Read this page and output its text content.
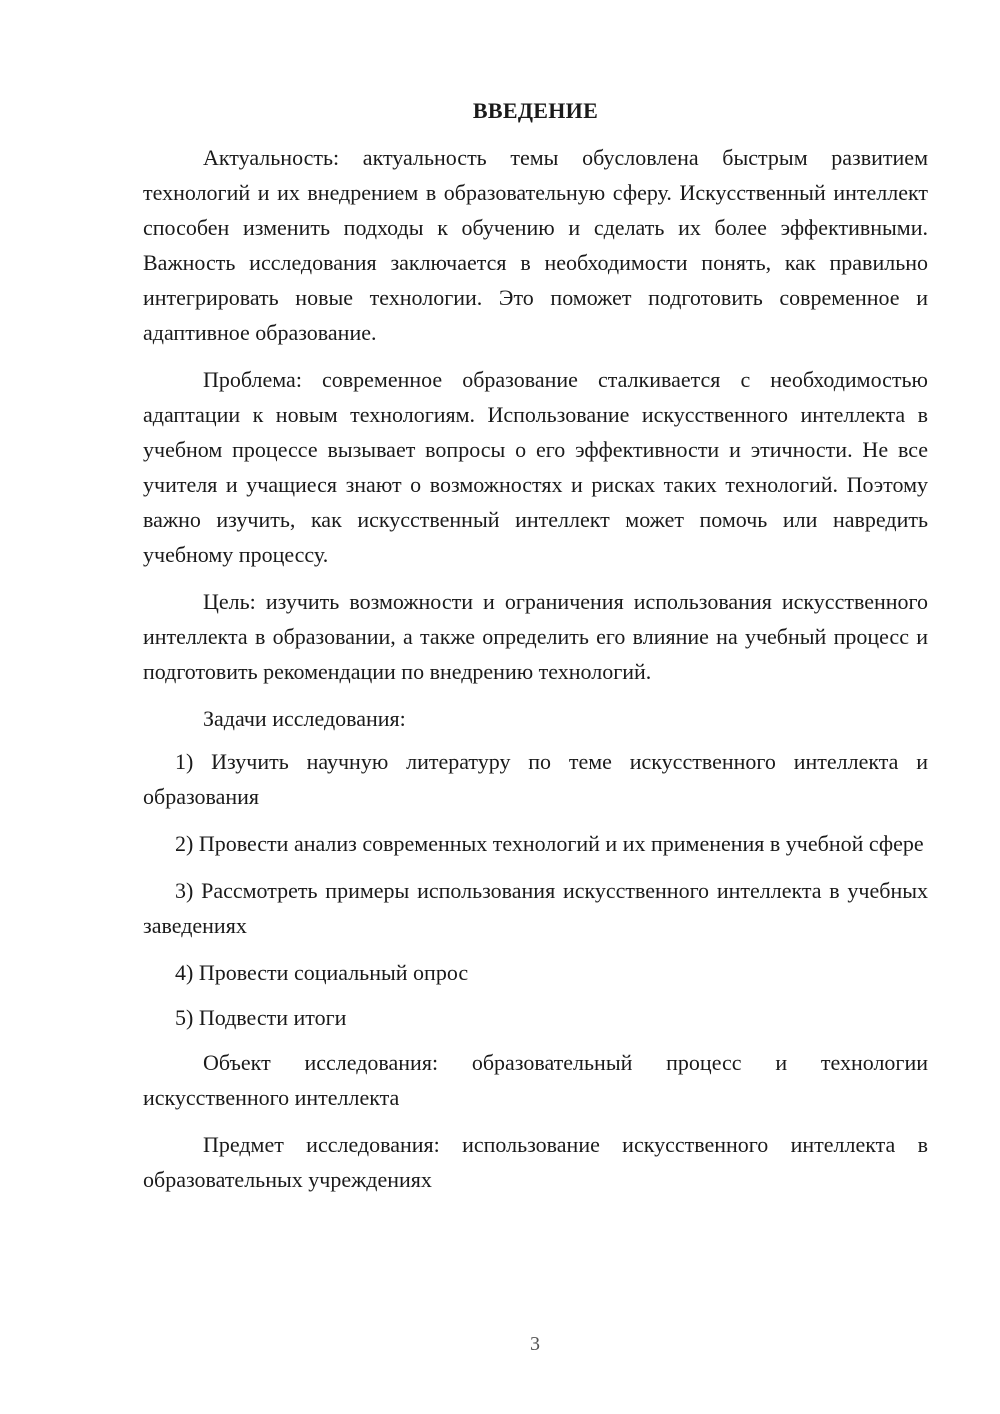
ВВЕДЕНИЕ

Актуальность: актуальность темы обусловлена быстрым развитием технологий и их внедрением в образовательную сферу. Искусственный интеллект способен изменить подходы к обучению и сделать их более эффективными. Важность исследования заключается в необходимости понять, как правильно интегрировать новые технологии. Это поможет подготовить современное и адаптивное образование.

Проблема: современное образование сталкивается с необходимостью адаптации к новым технологиям. Использование искусственного интеллекта в учебном процессе вызывает вопросы о его эффективности и этичности. Не все учителя и учащиеся знают о возможностях и рисках таких технологий. Поэтому важно изучить, как искусственный интеллект может помочь или навредить учебному процессу.

Цель: изучить возможности и ограничения использования искусственного интеллекта в образовании, а также определить его влияние на учебный процесс и подготовить рекомендации по внедрению технологий.

Задачи исследования:

1) Изучить научную литературу по теме искусственного интеллекта и образования

2) Провести анализ современных технологий и их применения в учебной сфере

3) Рассмотреть примеры использования искусственного интеллекта в учебных заведениях

4) Провести социальный опрос

5) Подвести итоги

Объект исследования: образовательный процесс и технологии искусственного интеллекта

Предмет исследования: использование искусственного интеллекта в образовательных учреждениях

3
